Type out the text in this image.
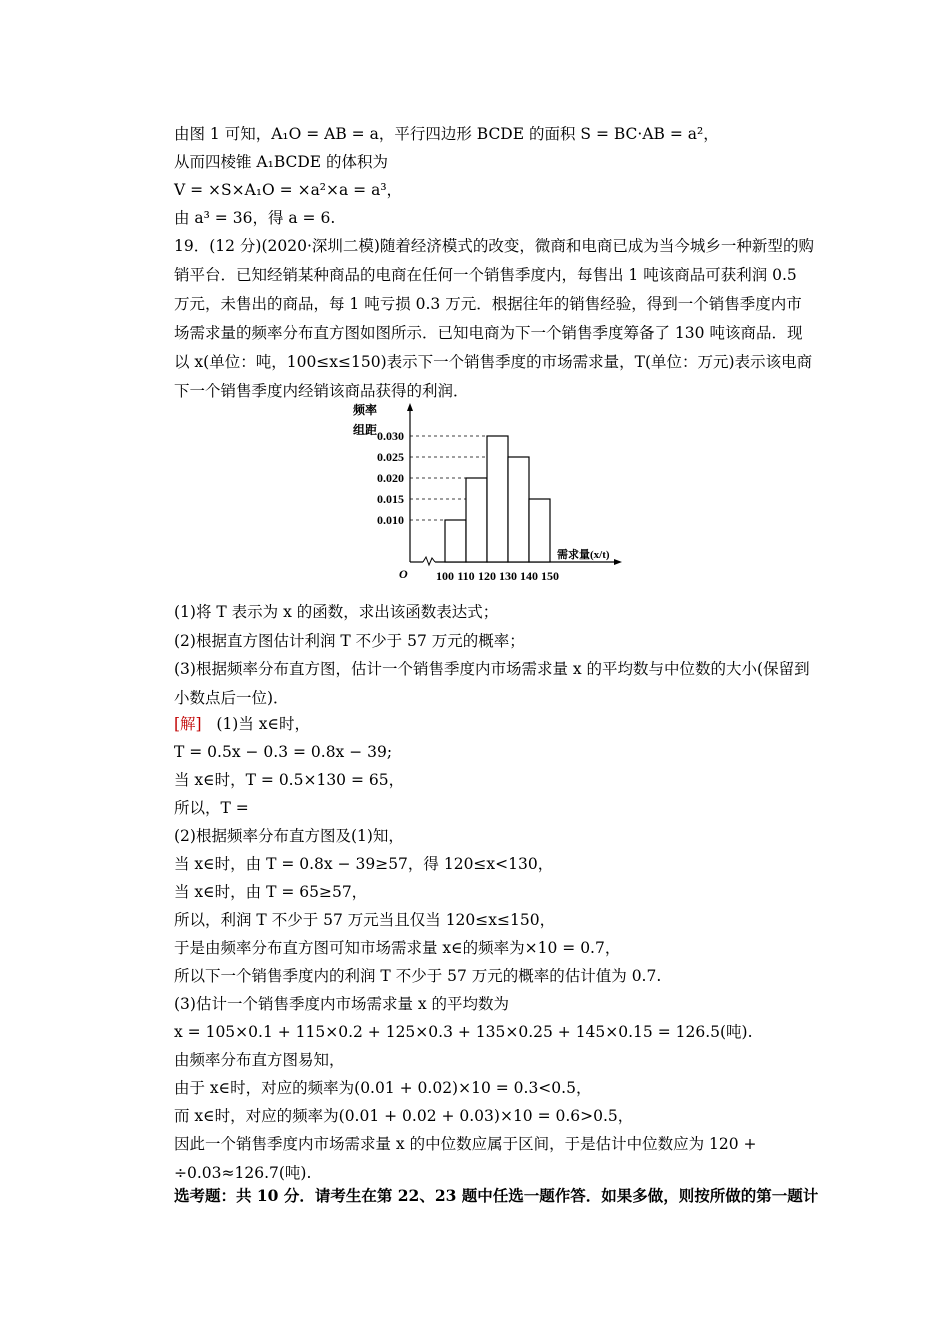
由图 1 可知，A₁O = AB = a，平行四边形 BCDE 的面积 S = BC·AB = a²，
从而四棱锥 A₁BCDE 的体积为
V = ×S×A₁O = ×a²×a = a³，
由 a³ = 36，得 a = 6.
19．(12 分)(2020·深圳二模)随着经济模式的改变，微商和电商已成为当今城乡一种新型的购销平台．已知经销某种商品的电商在任何一个销售季度内，每售出 1 吨该商品可获利润 0.5 万元，未售出的商品，每 1 吨亏损 0.3 万元．根据往年的销售经验，得到一个销售季度内市场需求量的频率分布直方图如图所示．已知电商为下一个销售季度筹备了 130 吨该商品．现以 x(单位：吨，100≤x≤150)表示下一个销售季度的市场需求量，T(单位：万元)表示该电商下一个销售季度内经销该商品获得的利润．
频率
组距
需求量(x/t)
O
0.030
0.025
0.020
0.015
0.010
100 110 120 130 140 150
(1)将 T 表示为 x 的函数，求出该函数表达式；
(2)根据直方图估计利润 T 不少于 57 万元的概率；
(3)根据频率分布直方图，估计一个销售季度内市场需求量 x 的平均数与中位数的大小(保留到小数点后一位)．
[解] (1)当 x∈时，
T = 0.5x − 0.3 = 0.8x − 39;
当 x∈时，T = 0.5×130 = 65，
所以，T =
(2)根据频率分布直方图及(1)知，
当 x∈时，由 T = 0.8x − 39≥57，得 120≤x<130，
当 x∈时，由 T = 65≥57，
所以，利润 T 不少于 57 万元当且仅当 120≤x≤150，
于是由频率分布直方图可知市场需求量 x∈的频率为×10 = 0.7，
所以下一个销售季度内的利润 T 不少于 57 万元的概率的估计值为 0.7.
(3)估计一个销售季度内市场需求量 x 的平均数为
x = 105×0.1 + 115×0.2 + 125×0.3 + 135×0.25 + 145×0.15 = 126.5(吨).
由频率分布直方图易知，
由于 x∈时，对应的频率为(0.01 + 0.02)×10 = 0.3<0.5，
而 x∈时，对应的频率为(0.01 + 0.02 + 0.03)×10 = 0.6>0.5，
因此一个销售季度内市场需求量 x 的中位数应属于区间，于是估计中位数应为 120 + ÷0.03≈126.7(吨).
选考题：共 10 分．请考生在第 22、23 题中任选一题作答．如果多做，则按所做的第一题计
